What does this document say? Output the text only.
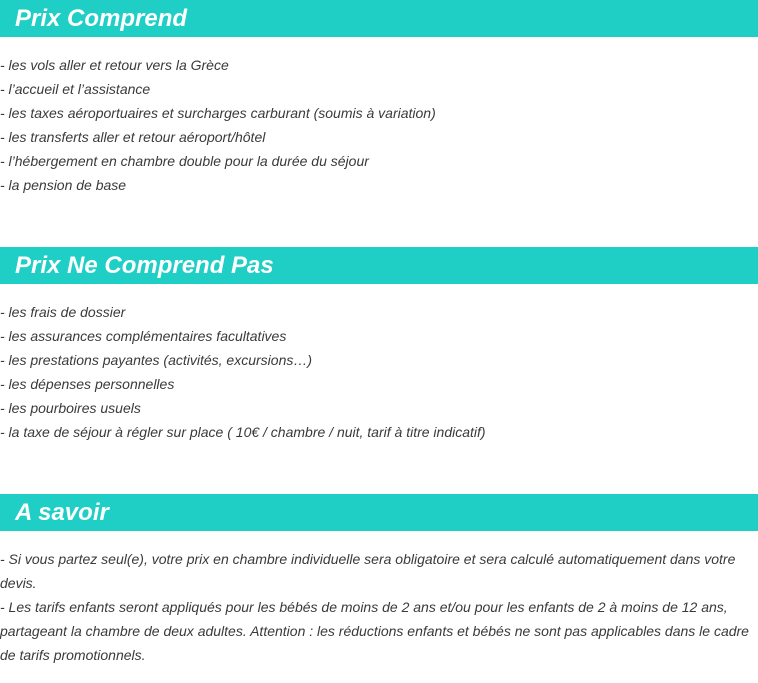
Prix Comprend
- les vols aller et retour vers la Grèce
- l’accueil et l’assistance
- les taxes aéroportuaires et surcharges carburant (soumis à variation)
- les transferts aller et retour aéroport/hôtel
- l’hébergement en chambre double pour la durée du séjour
- la pension de base
Prix Ne Comprend Pas
- les frais de dossier
- les assurances complémentaires facultatives
- les prestations payantes (activités, excursions…)
- les dépenses personnelles
- les pourboires usuels
- la taxe de séjour à régler sur place ( 10€ / chambre / nuit, tarif à titre indicatif)
A savoir

- Si vous partez seul(e), votre prix en chambre individuelle sera obligatoire et sera calculé automatiquement dans votre devis.

- Les tarifs enfants seront appliqués pour les bébés de moins de 2 ans et/ou pour les enfants de 2 à moins de 12 ans, partageant la chambre de deux adultes. Attention : les réductions enfants et bébés ne sont pas applicables dans le cadre de tarifs promotionnels.
